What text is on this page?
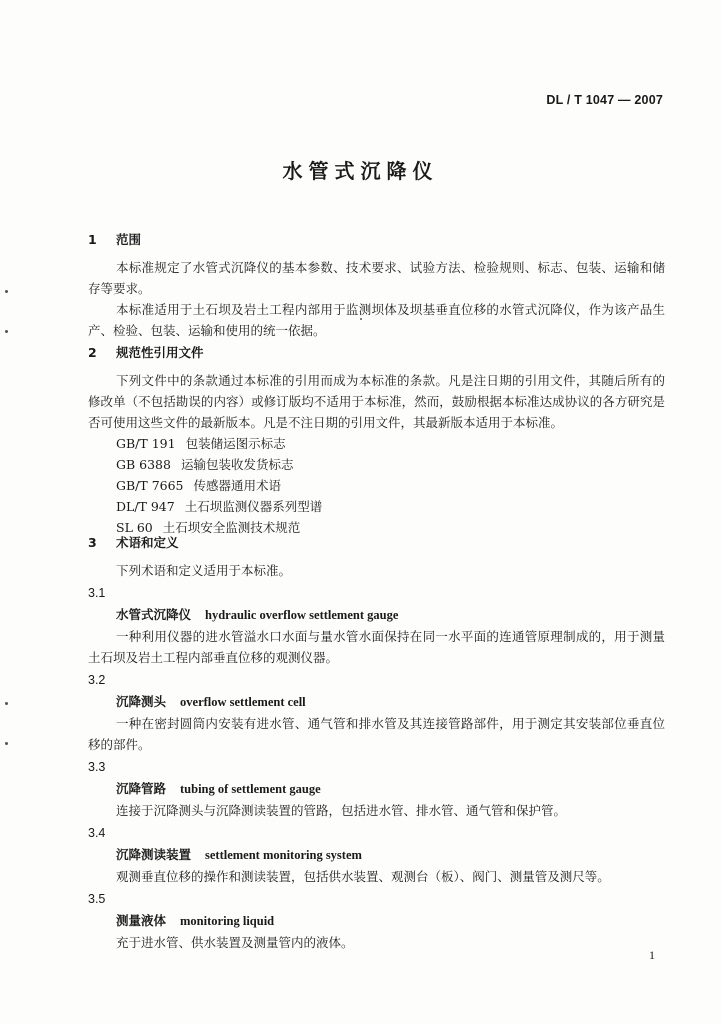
DL / T 1047 — 2007
水管式沉降仪
1 范围
本标准规定了水管式沉降仪的基本参数、技术要求、试验方法、检验规则、标志、包装、运输和储存等要求。
本标准适用于土石坝及岩土工程内部用于监测坝体及坝基垂直位移的水管式沉降仪，作为该产品生产、检验、包装、运输和使用的统一依据。
2 规范性引用文件
下列文件中的条款通过本标准的引用而成为本标准的条款。凡是注日期的引用文件，其随后所有的修改单（不包括勘误的内容）或修订版均不适用于本标准，然而，鼓励根据本标准达成协议的各方研究是否可使用这些文件的最新版本。凡是不注日期的引用文件，其最新版本适用于本标准。
GB/T 191 包装储运图示标志
GB 6388 运输包装收发货标志
GB/T 7665 传感器通用术语
DL/T 947 土石坝监测仪器系列型谱
SL 60 土石坝安全监测技术规范
3 术语和定义
下列术语和定义适用于本标准。
3.1
水管式沉降仪 hydraulic overflow settlement gauge
一种利用仪器的进水管溢水口水面与量水管水面保持在同一水平面的连通管原理制成的，用于测量土石坝及岩土工程内部垂直位移的观测仪器。
3.2
沉降测头 overflow settlement cell
一种在密封圆筒内安装有进水管、通气管和排水管及其连接管路部件，用于测定其安装部位垂直位移的部件。
3.3
沉降管路 tubing of settlement gauge
连接于沉降测头与沉降测读装置的管路，包括进水管、排水管、通气管和保护管。
3.4
沉降测读装置 settlement monitoring system
观测垂直位移的操作和测读装置，包括供水装置、观测台（板）、阀门、测量管及测尺等。
3.5
测量液体 monitoring liquid
充于进水管、供水装置及测量管内的液体。
1
